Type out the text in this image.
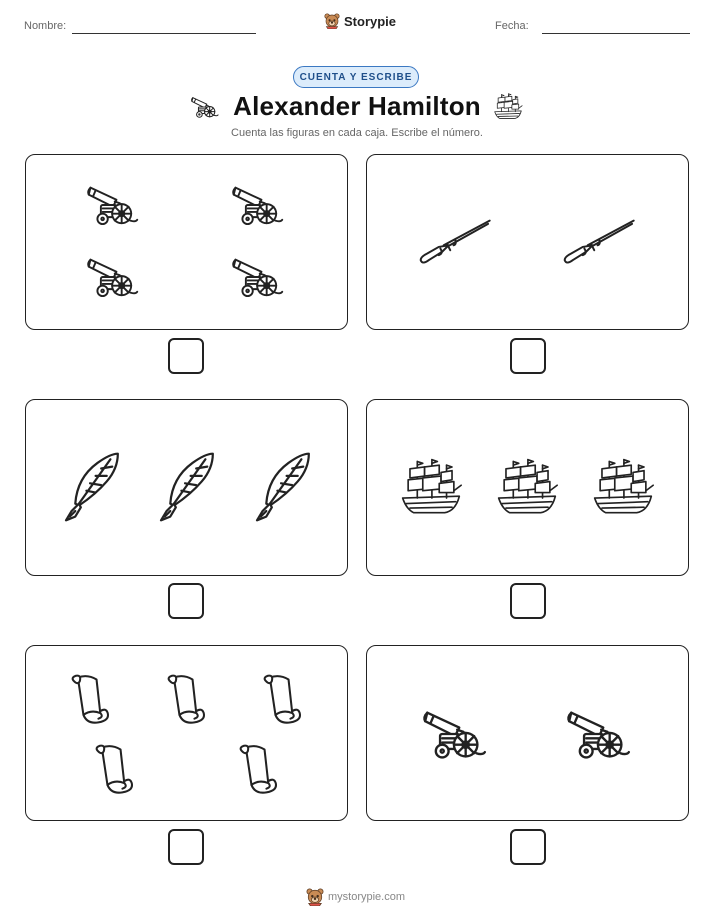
Nombre:	Storypie	Fecha:
CUENTA Y ESCRIBE
Alexander Hamilton
Cuenta las figuras en cada caja. Escribe el número.
mystorypie.com
